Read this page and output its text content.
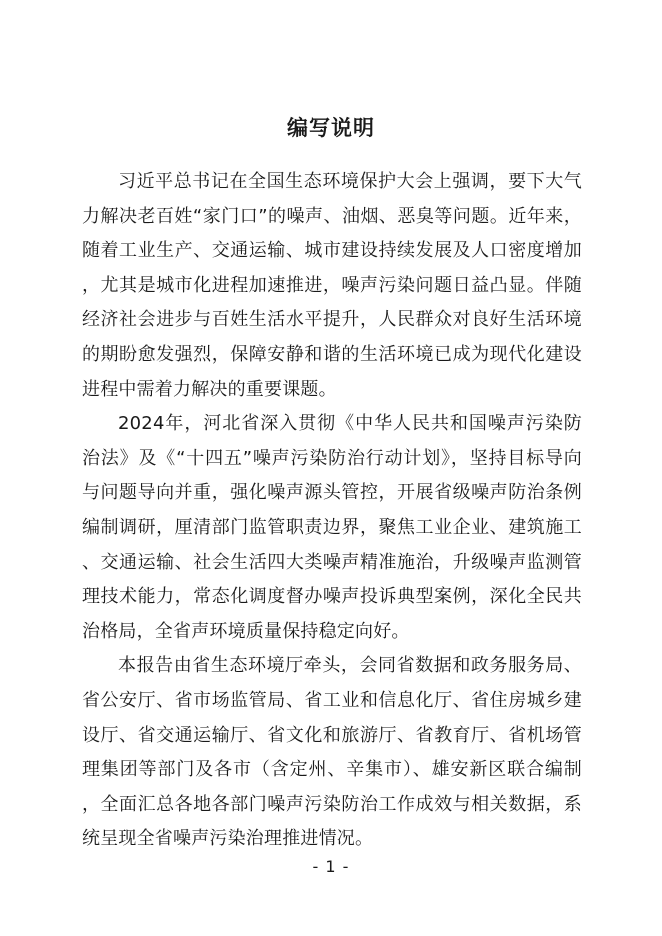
编写说明

习近平总书记在全国生态环境保护大会上强调，要下大气力解决老百姓“家门口”的噪声、油烟、恶臭等问题。近年来，随着工业生产、交通运输、城市建设持续发展及人口密度增加，尤其是城市化进程加速推进，噪声污染问题日益凸显。伴随经济社会进步与百姓生活水平提升，人民群众对良好生活环境的期盼愈发强烈，保障安静和谐的生活环境已成为现代化建设进程中需着力解决的重要课题。

2024年，河北省深入贯彻《中华人民共和国噪声污染防治法》及《“十四五”噪声污染防治行动计划》，坚持目标导向与问题导向并重，强化噪声源头管控，开展省级噪声防治条例编制调研，厘清部门监管职责边界，聚焦工业企业、建筑施工、交通运输、社会生活四大类噪声精准施治，升级噪声监测管理技术能力，常态化调度督办噪声投诉典型案例，深化全民共治格局，全省声环境质量保持稳定向好。

本报告由省生态环境厅牵头，会同省数据和政务服务局、省公安厅、省市场监管局、省工业和信息化厅、省住房城乡建设厅、省交通运输厅、省文化和旅游厅、省教育厅、省机场管理集团等部门及各市（含定州、辛集市）、雄安新区联合编制，全面汇总各地各部门噪声污染防治工作成效与相关数据，系统呈现全省噪声污染治理推进情况。

- 1 -
